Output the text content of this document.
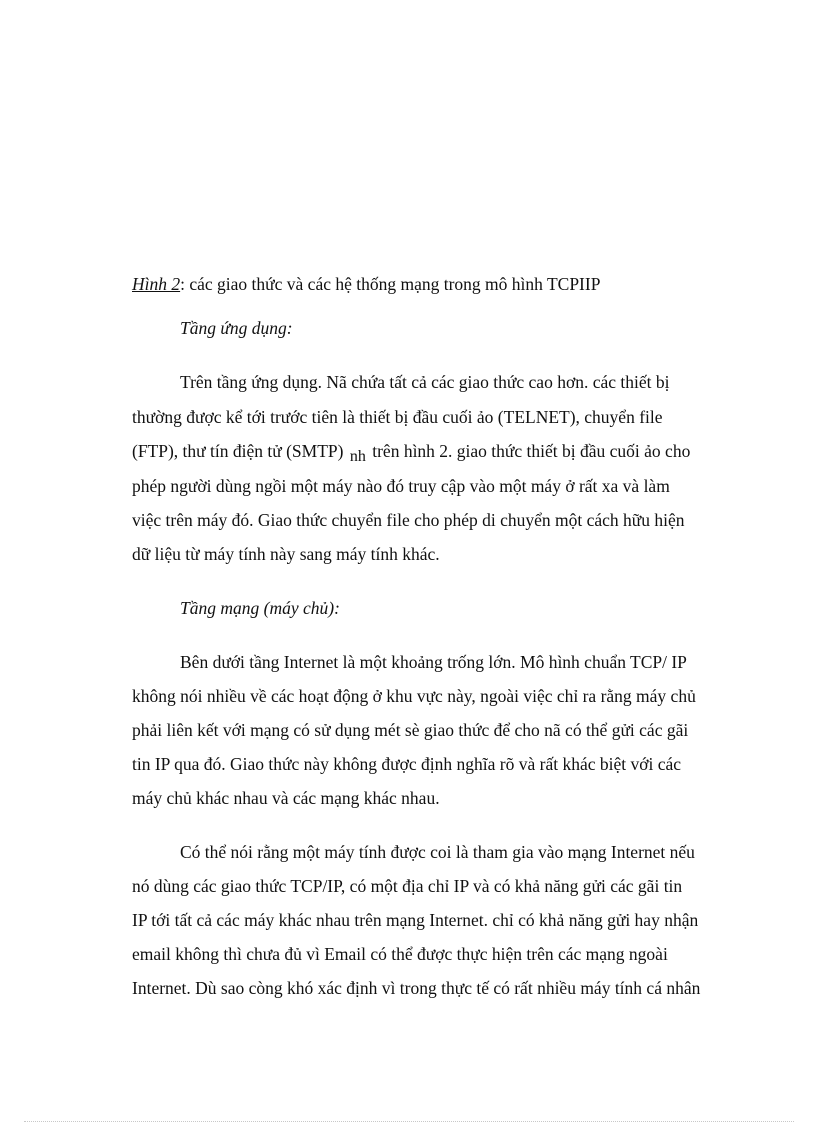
Hình 2: các giao thức và các hệ thống mạng trong mô hình TCPIIP
Tầng ứng dụng:
Trên tầng ứng dụng. Nã chứa tất cả các giao thức cao hơn. các thiết bị
thường được kể tới trước tiên là thiết bị đầu cuối ảo (TELNET), chuyển file
(FTP), thư tín điện tử (SMTP) nh trên hình 2. giao thức thiết bị đầu cuối ảo cho
phép người dùng ngồi một máy nào đó truy cập vào một máy ở rất xa và làm
việc trên máy đó. Giao thức chuyển file cho phép di chuyển một cách hữu hiện
dữ liệu từ máy tính này sang máy tính khác.
Tầng mạng (máy chủ):
Bên dưới tầng Internet là một khoảng trống lớn. Mô hình chuẩn TCP/ IP
không nói nhiều về các hoạt động ở khu vực này, ngoài việc chỉ ra rằng máy chủ
phải liên kết với mạng có sử dụng mét sè giao thức để cho nã có thể gửi các gãi
tin IP qua đó. Giao thức này không được định nghĩa rõ và rất khác biệt với các
máy chủ khác nhau và các mạng khác nhau.
Có thể nói rằng một máy tính được coi là tham gia vào mạng Internet nếu
nó dùng các giao thức TCP/IP, có một địa chỉ IP và có khả năng gửi các gãi tin
IP tới tất cả các máy khác nhau trên mạng Internet. chỉ có khả năng gửi hay nhận
email không thì chưa đủ vì Email có thể được thực hiện trên các mạng ngoài
Internet. Dù sao còng khó xác định vì trong thực tế có rất nhiều máy tính cá nhân
